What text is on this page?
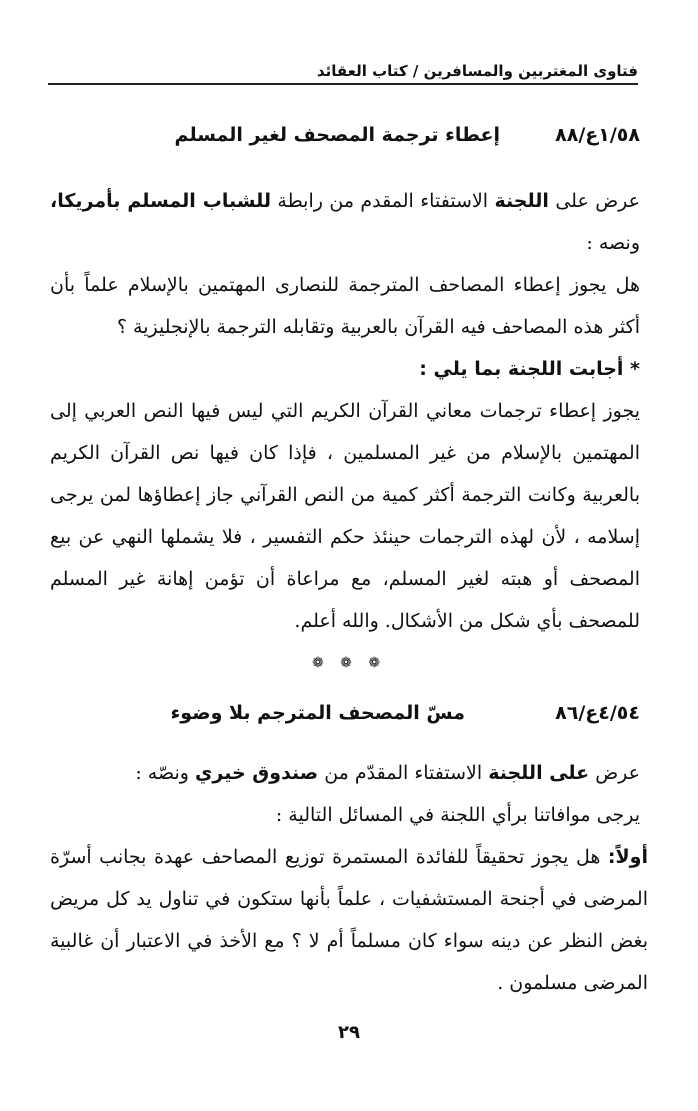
فتاوى المغتربين والمسافرين / كتاب العقائد
١/٥٨ع/٨٨
إعطاء ترجمة المصحف لغير المسلم
عرض على اللجنة الاستفتاء المقدم من رابطة للشباب المسلم بأمريكا، ونصه :
هل يجوز إعطاء المصاحف المترجمة للنصارى المهتمين بالإسلام علماً بأن أكثر هذه المصاحف فيه القرآن بالعربية وتقابله الترجمة بالإنجليزية ؟
* أجابت اللجنة بما يلي :
يجوز إعطاء ترجمات معاني القرآن الكريم التي ليس فيها النص العربي إلى المهتمين بالإسلام من غير المسلمين ، فإذا كان فيها نص القرآن الكريم بالعربية وكانت الترجمة أكثر كمية من النص القرآني جاز إعطاؤها لمن يرجى إسلامه ، لأن لهذه الترجمات حينئذ حكم التفسير ، فلا يشملها النهي عن بيع المصحف أو هبته لغير المسلم، مع مراعاة أن تؤمن إهانة غير المسلم للمصحف بأي شكل من الأشكال. والله أعلم.
❁ ❁ ❁
٤/٥٤ع/٨٦
مسّ المصحف المترجم بلا وضوء
عرض على اللجنة الاستفتاء المقدّم من صندوق خيري ونصّه :
يرجى موافاتنا برأي اللجنة في المسائل التالية :
أولاً: هل يجوز تحقيقاً للفائدة المستمرة توزيع المصاحف عهدة بجانب أسرّة المرضى في أجنحة المستشفيات ، علماً بأنها ستكون في تناول يد كل مريض بغض النظر عن دينه سواء كان مسلماً أم لا ؟ مع الأخذ في الاعتبار أن غالبية المرضى مسلمون .
٢٩
